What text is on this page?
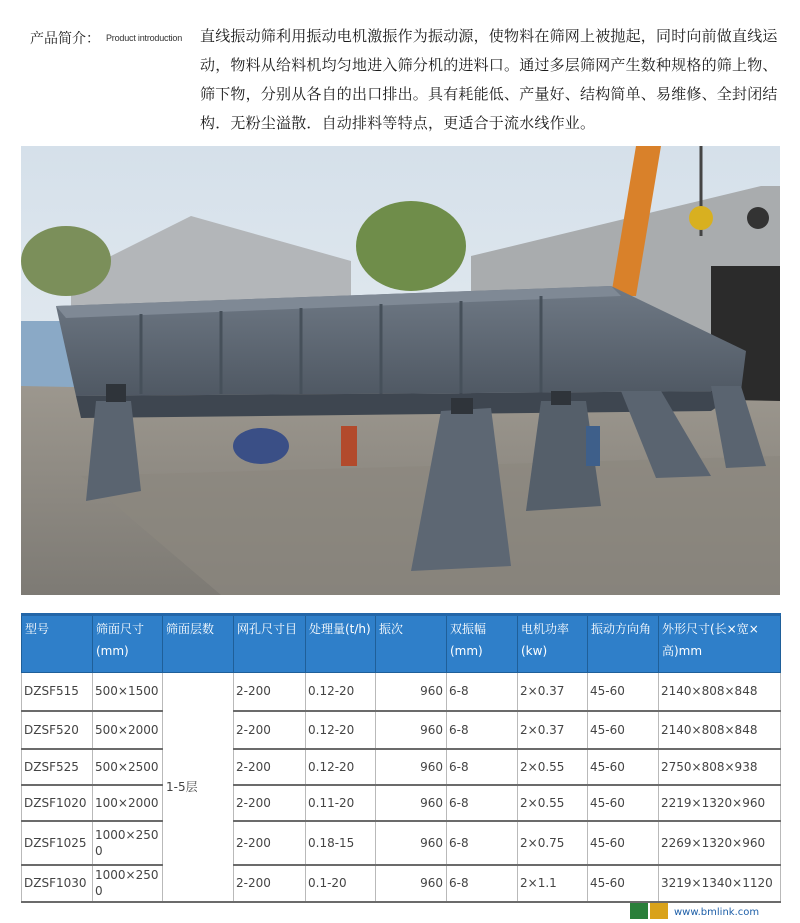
产品简介： Product introduction 直线振动筛利用振动电机激振作为振动源，使物料在筛网上被抛起，同时向前做直线运动，物料从给料机均匀地进入筛分机的进料口。通过多层筛网产生数种规格的筛上物、筛下物，分别从各自的出口排出。具有耗能低、产量好、结构简单、易维修、全封闭结构．无粉尘溢散．自动排料等特点，更适合于流水线作业。
型号	筛面尺寸(mm)	筛面层数	网孔尺寸目	处理量(t/h)	振次	双振幅(mm)	电机功率(kw)	振动方向角	外形尺寸(长×宽×高)mm
DZSF515	500×1500	1-5层	2-200	0.12-20	960	6-8	2×0.37	45-60	2140×808×848
DZSF520	500×2000		2-200	0.12-20	960	6-8	2×0.37	45-60	2140×808×848
DZSF525	500×2500		2-200	0.12-20	960	6-8	2×0.55	45-60	2750×808×938
DZSF1020	100×2000		2-200	0.11-20	960	6-8	2×0.55	45-60	2219×1320×960
DZSF1025	1000×2500		2-200	0.18-15	960	6-8	2×0.75	45-60	2269×1320×960
DZSF1030	1000×2500		2-200	0.1-20	960	6-8	2×1.1	45-60	3219×1340×1120
www.bmlink.com
